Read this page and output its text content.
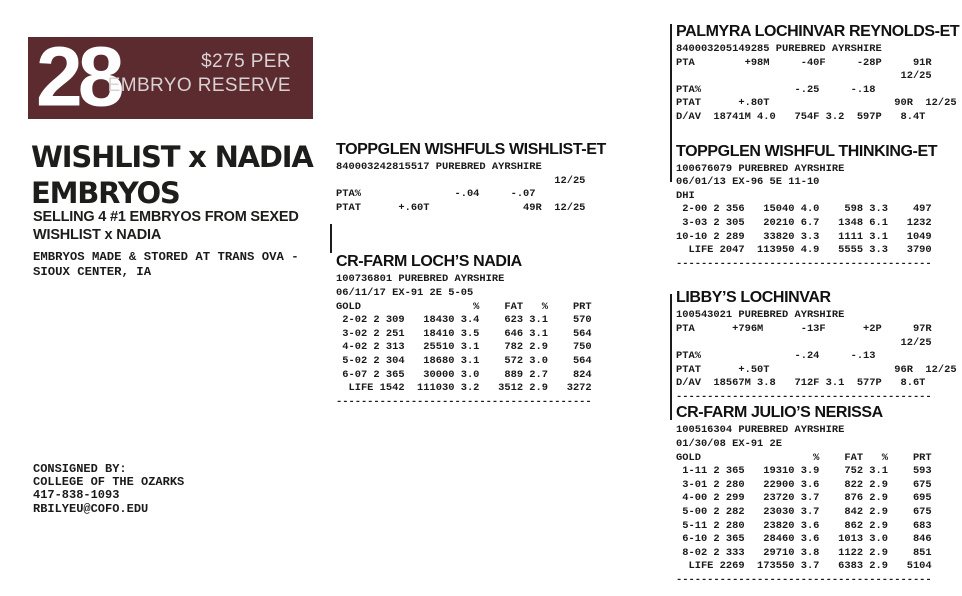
28	$275 PER
EMBRYO RESERVE
WISHLIST x NADIA
EMBRYOS

SELLING 4 #1 EMBRYOS FROM SEXED
WISHLIST x NADIA

EMBRYOS MADE & STORED AT TRANS OVA -
SIOUX CENTER, IA

CONSIGNED BY:
COLLEGE OF THE OZARKS
417-838-1093
RBILYEU@COFO.EDU

TOPPGLEN WISHFULS WISHLIST-ET
840003242815517 PUREBRED AYRSHIRE
12/25
PTA%               -.04     -.07
PTAT      +.60T               49R  12/25
CR-FARM LOCH’S NADIA
100736801 PUREBRED AYRSHIRE
06/11/17 EX-91 2E 5-05
GOLD                  %    FAT   %    PRT
2-02 2 309   18430 3.4    623 3.1    570
3-02 2 251   18410 3.5    646 3.1    564
4-02 2 313   25510 3.1    782 2.9    750
5-02 2 304   18680 3.1    572 3.0    564
6-07 2 365   30000 3.0    889 2.7    824
LIFE 1542  111030 3.2   3512 2.9   3272
-----------------------------------------
PALMYRA LOCHINVAR REYNOLDS-ET
840003205149285 PUREBRED AYRSHIRE
PTA        +98M     -40F     -28P     91R
12/25
PTA%               -.25     -.18
PTAT      +.80T                    90R  12/25
D/AV  18741M 4.0   754F 3.2  597P   8.4T
TOPPGLEN WISHFUL THINKING-ET
100676079 PUREBRED AYRSHIRE
06/01/13 EX-96 5E 11-10
DHI
2-00 2 356   15040 4.0    598 3.3    497
3-03 2 305   20210 6.7   1348 6.1   1232
10-10 2 289   33820 3.3   1111 3.1   1049
LIFE 2047  113950 4.9   5555 3.3   3790
-----------------------------------------
LIBBY’S LOCHINVAR
100543021 PUREBRED AYRSHIRE
PTA      +796M      -13F      +2P     97R
12/25
PTA%               -.24     -.13
PTAT      +.50T                    96R  12/25
D/AV  18567M 3.8   712F 3.1  577P   8.6T
-----------------------------------------
CR-FARM JULIO’S NERISSA
100516304 PUREBRED AYRSHIRE
01/30/08 EX-91 2E
GOLD                  %    FAT   %    PRT
1-11 2 365   19310 3.9    752 3.1    593
3-01 2 280   22900 3.6    822 2.9    675
4-00 2 299   23720 3.7    876 2.9    695
5-00 2 282   23030 3.7    842 2.9    675
5-11 2 280   23820 3.6    862 2.9    683
6-10 2 365   28460 3.6   1013 3.0    846
8-02 2 333   29710 3.8   1122 2.9    851
LIFE 2269  173550 3.7   6383 2.9   5104
-----------------------------------------
